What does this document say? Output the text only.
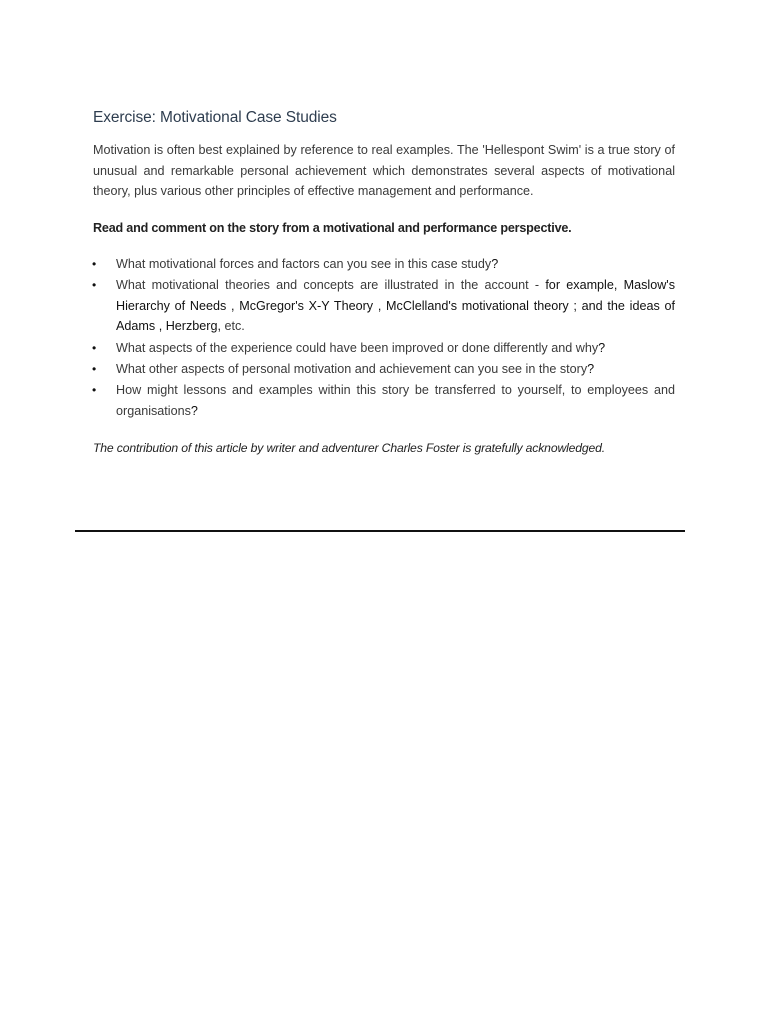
Exercise: Motivational Case Studies

Motivation is often best explained by reference to real examples. The 'Hellespont Swim' is a true story of unusual and remarkable personal achievement which demonstrates several aspects of motivational theory, plus various other principles of effective management and performance.

Read and comment on the story from a motivational and performance perspective.

•	What motivational forces and factors can you see in this case study?
•	What motivational theories and concepts are illustrated in the account - for example, Maslow's Hierarchy of Needs , McGregor's X-Y Theory , McClelland's motivational theory ; and the ideas of Adams , Herzberg, etc.
•	What aspects of the experience could have been improved or done differently and why?
•	What other aspects of personal motivation and achievement can you see in the story?
•	How might lessons and examples within this story be transferred to yourself, to employees and organisations?

The contribution of this article by writer and adventurer Charles Foster is gratefully acknowledged.
